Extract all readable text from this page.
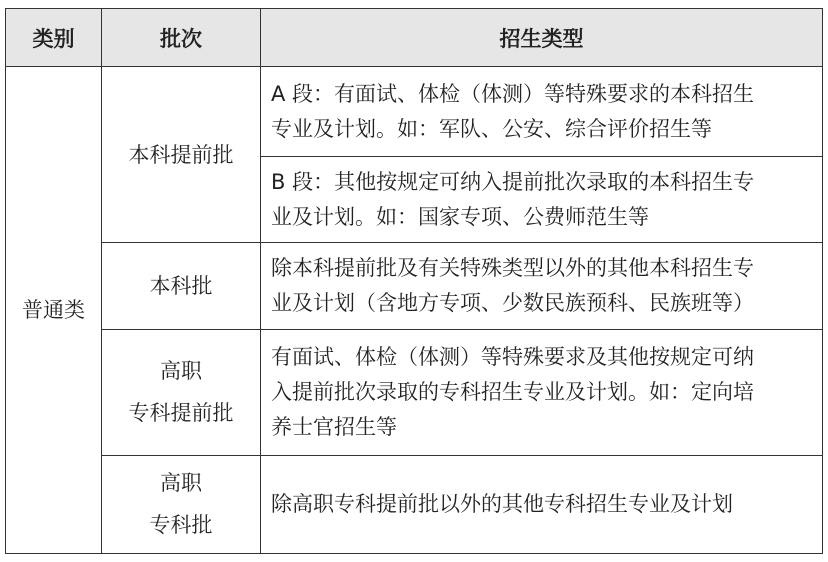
类别	批次	招生类型
普通类	本科提前批	A 段：有面试、体检（体测）等特殊要求的本科招生
专业及计划。如：军队、公安、综合评价招生等

		B 段：其他按规定可纳入提前批次录取的本科招生专
业及计划。如：国家专项、公费师范生等

	本科批	除本科提前批及有关特殊类型以外的其他本科招生专
业及计划（含地方专项、少数民族预科、民族班等）

	高职
专科提前批	有面试、体检（体测）等特殊要求及其他按规定可纳
入提前批次录取的专科招生专业及计划。如：定向培
养士官招生等

	高职
专科批	除高职专科提前批以外的其他专科招生专业及计划
